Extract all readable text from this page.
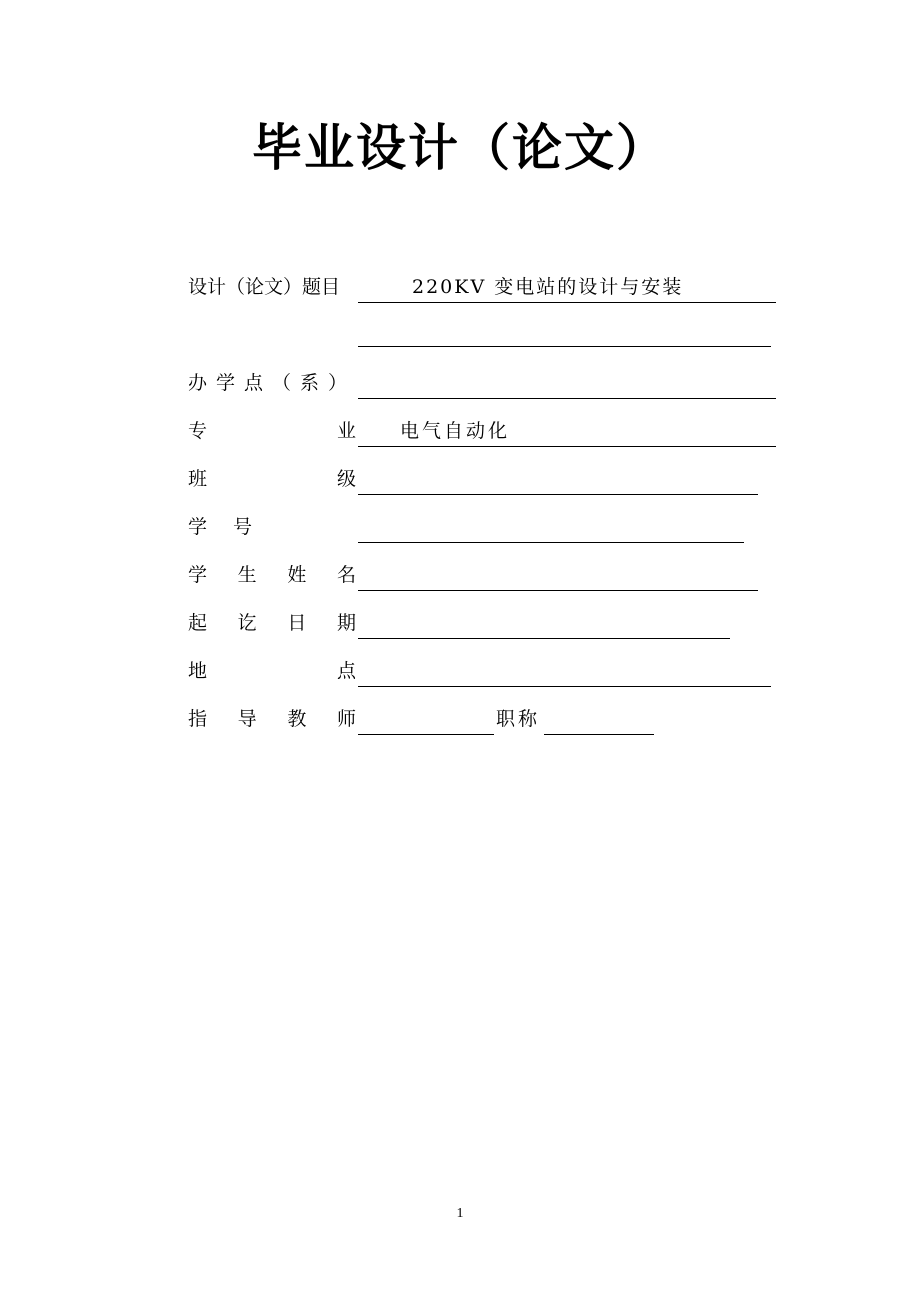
毕业设计（论文）
设计（论文）题目	220KV 变电站的设计与安装
办学点（系）
专	业 电气自动化
班	级
学 号
学 生 姓 名
起 讫 日 期
地	点
指 导 教 师	职称
1
